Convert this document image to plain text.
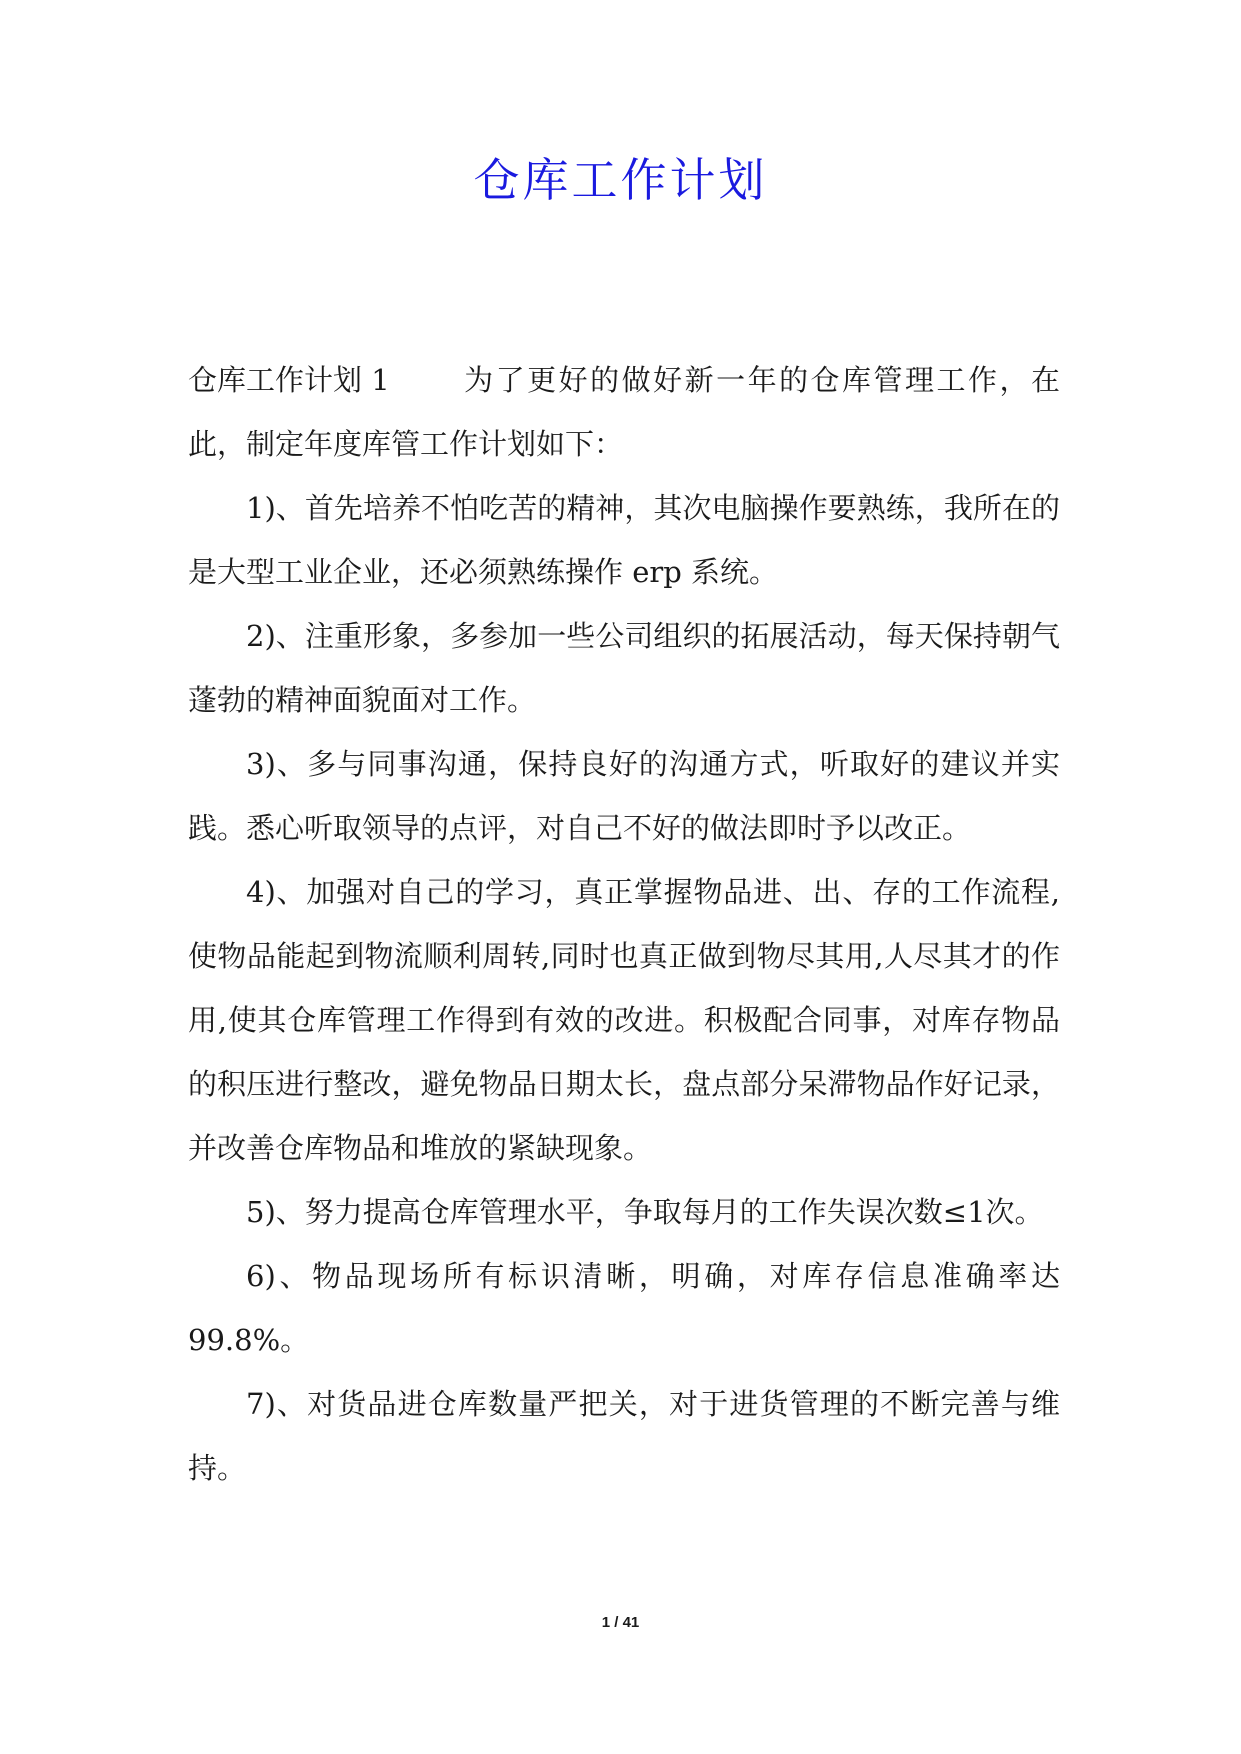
仓库工作计划

仓库工作计划 1 为了更好的做好新一年的仓库管理工作，在此，制定年度库管工作计划如下：

1)、首先培养不怕吃苦的精神，其次电脑操作要熟练，我所在的是大型工业企业，还必须熟练操作 erp 系统。

2)、注重形象，多参加一些公司组织的拓展活动，每天保持朝气蓬勃的精神面貌面对工作。

3)、多与同事沟通，保持良好的沟通方式，听取好的建议并实践。悉心听取领导的点评，对自己不好的做法即时予以改正。

4)、加强对自己的学习，真正掌握物品进、出、存的工作流程,使物品能起到物流顺利周转,同时也真正做到物尽其用,人尽其才的作用,使其仓库管理工作得到有效的改进。积极配合同事，对库存物品的积压进行整改，避免物品日期太长，盘点部分呆滞物品作好记录，并改善仓库物品和堆放的紧缺现象。

5)、努力提高仓库管理水平，争取每月的工作失误次数≤1次。

6)、物品现场所有标识清晰，明确，对库存信息准确率达99.8%。

7)、对货品进仓库数量严把关，对于进货管理的不断完善与维持。

1 / 41
